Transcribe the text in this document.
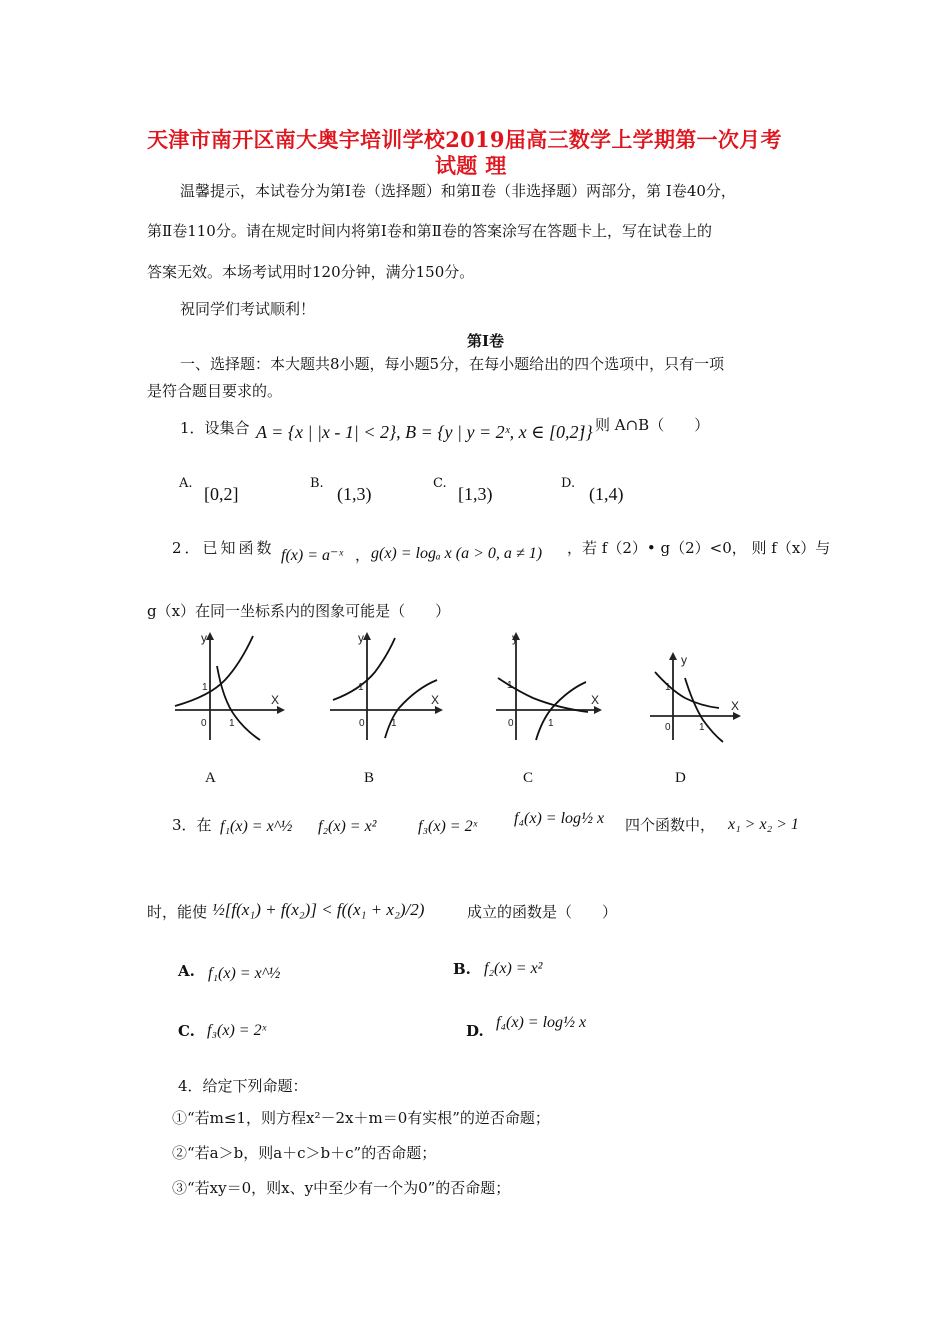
天津市南开区南大奥宇培训学校2019届高三数学上学期第一次月考
试题 理
温馨提示，本试卷分为第Ⅰ卷（选择题）和第Ⅱ卷（非选择题）两部分，第 Ⅰ卷40分，
第Ⅱ卷110分。请在规定时间内将第Ⅰ卷和第Ⅱ卷的答案涂写在答题卡上，写在试卷上的
答案无效。本场考试用时120分钟，满分150分。
祝同学们考试顺利！
第Ⅰ卷
一、选择题：本大题共8小题，每小题5分，在每小题给出的四个选项中，只有一项
是符合题目要求的。
1．设集合 A = {x | |x - 1| < 2}, B = {y | y = 2ˣ, x ∈ [0,2]}
，则 A∩B（　　）
A.
[0,2]
B.
(1,3)
C.
[1,3)
D.
(1,4)
2．已知函数 f(x) = a⁻ˣ ， g(x) = logₐ x (a > 0, a ≠ 1) ，若 f（2）• g（2）<0， 则 f（x）与
g（x）在同一坐标系内的图象可能是（　　）
y
X
1
0 1
y
X
1
0	1
y
X
1
0	1
y
X
1
0	1
A	B	C	D
3．在 f₁(x) = x^½ f₂(x) = x²	f₃(x) = 2ˣ f₄(x) = log½ x 四个函数中， x₁ > x₂ > 1
时，能使 ½[f(x₁) + f(x₂)] < f((x₁ + x₂)/2)	成立的函数是（　　）
A. f₁(x) = x^½	B. f₂(x) = x²
C. f₃(x) = 2ˣ	D. f₄(x) = log½ x
4．给定下列命题：
①“若m≤1，则方程x²－2x＋m＝0有实根”的逆否命题；
②“若a＞b，则a＋c＞b＋c”的否命题；
③“若xy＝0，则x、y中至少有一个为0”的否命题；
